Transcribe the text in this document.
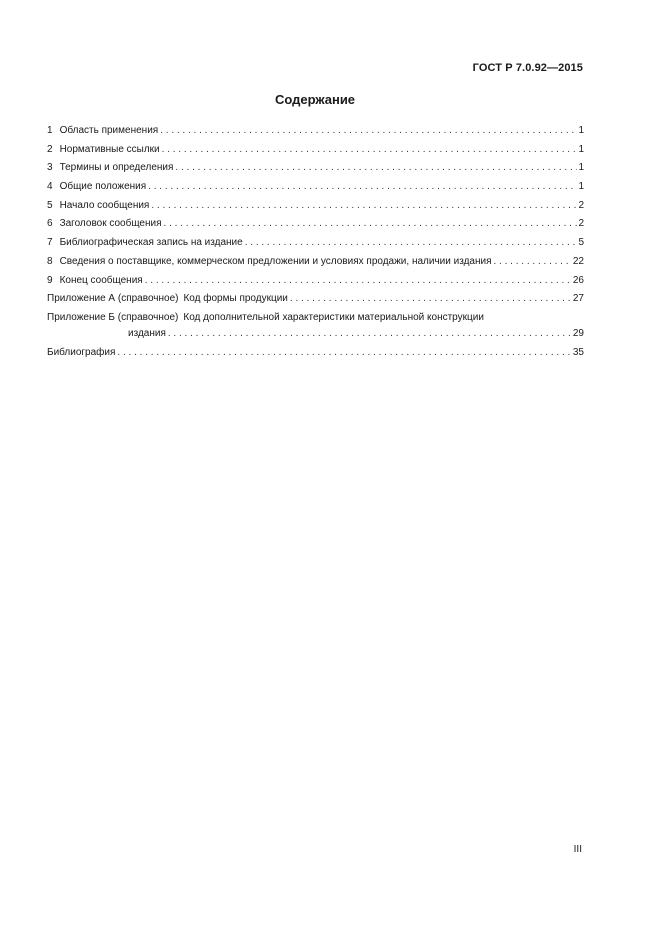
ГОСТ Р 7.0.92—2015
Содержание
1 Область применения . . .	1
2 Нормативные ссылки . . .	1
3 Термины и определения . . .	1
4 Общие положения . . .	1
5 Начало сообщения . . .	2
6 Заголовок сообщения . . .	2
7 Библиографическая запись на издание . . .	5
8 Сведения о поставщике, коммерческом предложении и условиях продажи, наличии издания . . .	22
9 Конец сообщения . . .	26
Приложение А (справочное) Код формы продукции . . .	27
Приложение Б (справочное) Код дополнительной характеристики материальной конструкции
издания . . .	29
Библиография . . .	35
III
